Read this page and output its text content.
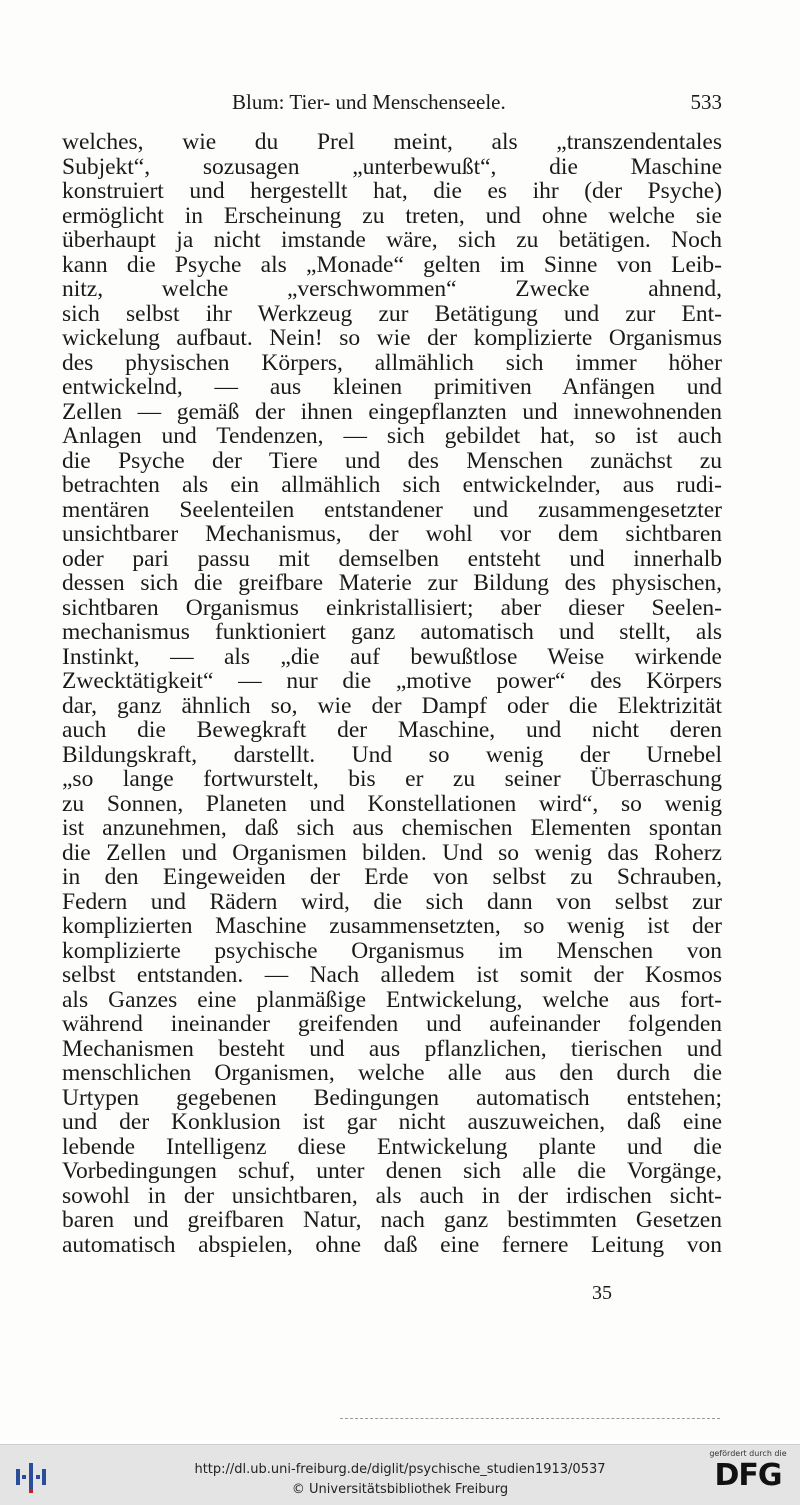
Blum: Tier- und Menschenseele.	533
welches, wie du Prel meint, als „transzendentales
Subjekt“, sozusagen „unterbewußt“, die Maschine
konstruiert und hergestellt hat, die es ihr (der Psyche)
ermöglicht in Erscheinung zu treten, und ohne welche sie
überhaupt ja nicht imstande wäre, sich zu betätigen. Noch
kann die Psyche als „Monade“ gelten im Sinne von Leib-
nitz, welche „verschwommen“ Zwecke ahnend,
sich selbst ihr Werkzeug zur Betätigung und zur Ent-
wickelung aufbaut. Nein! so wie der komplizierte Organismus
des physischen Körpers, allmählich sich immer höher
entwickelnd, — aus kleinen primitiven Anfängen und
Zellen — gemäß der ihnen eingepflanzten und innewohnenden
Anlagen und Tendenzen, — sich gebildet hat, so ist auch
die Psyche der Tiere und des Menschen zunächst zu
betrachten als ein allmählich sich entwickelnder, aus rudi-
mentären Seelenteilen entstandener und zusammengesetzter
unsichtbarer Mechanismus, der wohl vor dem sichtbaren
oder pari passu mit demselben entsteht und innerhalb
dessen sich die greifbare Materie zur Bildung des physischen,
sichtbaren Organismus einkristallisiert; aber dieser Seelen-
mechanismus funktioniert ganz automatisch und stellt, als
Instinkt, — als „die auf bewußtlose Weise wirkende
Zwecktätigkeit“ — nur die „motive power“ des Körpers
dar, ganz ähnlich so, wie der Dampf oder die Elektrizität
auch die Bewegkraft der Maschine, und nicht deren
Bildungskraft, darstellt. Und so wenig der Urnebel
„so lange fortwurstelt, bis er zu seiner Überraschung
zu Sonnen, Planeten und Konstellationen wird“, so wenig
ist anzunehmen, daß sich aus chemischen Elementen spontan
die Zellen und Organismen bilden. Und so wenig das Roherz
in den Eingeweiden der Erde von selbst zu Schrauben,
Federn und Rädern wird, die sich dann von selbst zur
komplizierten Maschine zusammensetzten, so wenig ist der
komplizierte psychische Organismus im Menschen von
selbst entstanden. — Nach alledem ist somit der Kosmos
als Ganzes eine planmäßige Entwickelung, welche aus fort-
während ineinander greifenden und aufeinander folgenden
Mechanismen besteht und aus pflanzlichen, tierischen und
menschlichen Organismen, welche alle aus den durch die
Urtypen gegebenen Bedingungen automatisch entstehen;
und der Konklusion ist gar nicht auszuweichen, daß eine
lebende Intelligenz diese Entwickelung plante und die
Vorbedingungen schuf, unter denen sich alle die Vorgänge,
sowohl in der unsichtbaren, als auch in der irdischen sicht-
baren und greifbaren Natur, nach ganz bestimmten Gesetzen
automatisch abspielen, ohne daß eine fernere Leitung von
35
http://dl.ub.uni-freiburg.de/diglit/psychische_studien1913/0537
© Universitätsbibliothek Freiburg
gefördert durch die
DFG
